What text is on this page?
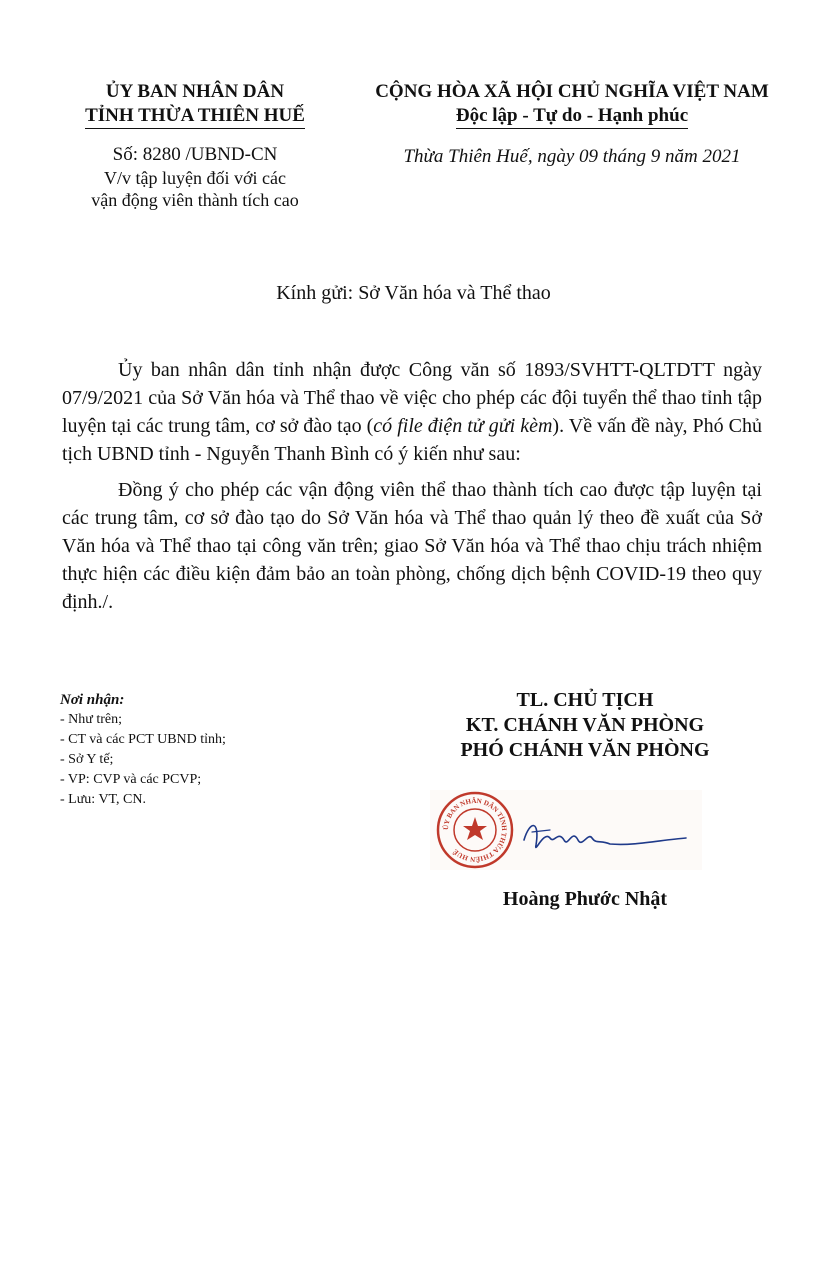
ỦY BAN NHÂN DÂN
TỈNH THỪA THIÊN HUẾ
Số: 8280 /UBND-CN
V/v tập luyện đối với các
vận động viên thành tích cao
CỘNG HÒA XÃ HỘI CHỦ NGHĨA VIỆT NAM
Độc lập - Tự do - Hạnh phúc
Thừa Thiên Huế, ngày 09 tháng 9 năm 2021
Kính gửi: Sở Văn hóa và Thể thao

Ủy ban nhân dân tỉnh nhận được Công văn số 1893/SVHTT-QLTDTT ngày 07/9/2021 của Sở Văn hóa và Thể thao về việc cho phép các đội tuyển thể thao tỉnh tập luyện tại các trung tâm, cơ sở đào tạo (có file điện tử gửi kèm). Về vấn đề này, Phó Chủ tịch UBND tỉnh - Nguyễn Thanh Bình có ý kiến như sau:

Đồng ý cho phép các vận động viên thể thao thành tích cao được tập luyện tại các trung tâm, cơ sở đào tạo do Sở Văn hóa và Thể thao quản lý theo đề xuất của Sở Văn hóa và Thể thao tại công văn trên; giao Sở Văn hóa và Thể thao chịu trách nhiệm thực hiện các điều kiện đảm bảo an toàn phòng, chống dịch bệnh COVID-19 theo quy định./.

Nơi nhận:
- Như trên;
- CT và các PCT UBND tỉnh;
- Sở Y tế;
- VP: CVP và các PCVP;
- Lưu: VT, CN.
TL. CHỦ TỊCH
KT. CHÁNH VĂN PHÒNG
PHÓ CHÁNH VĂN PHÒNG
ỦY BAN NHÂN DÂN TỈNH THỪA THIÊN HUẾ
Hoàng Phước Nhật
